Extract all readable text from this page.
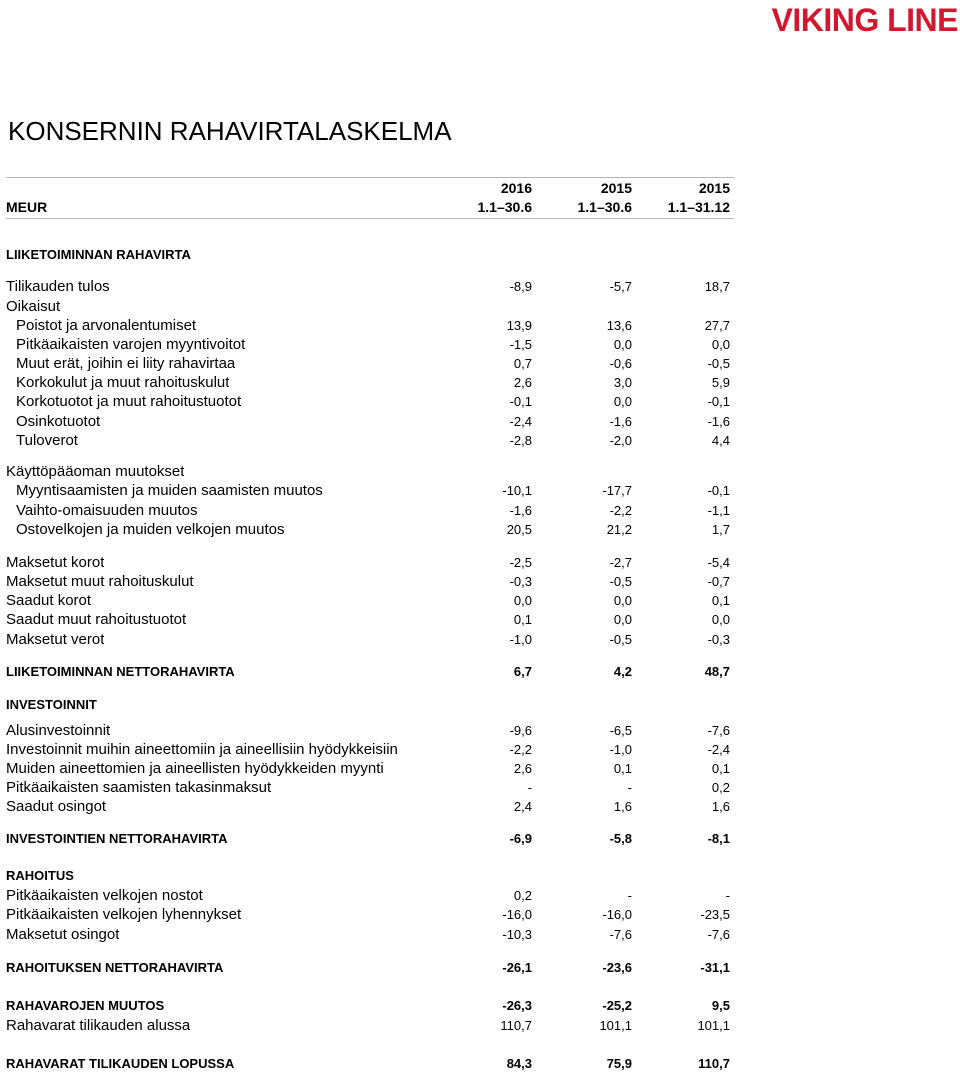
VIKING LINE
KONSERNIN RAHAVIRTALASKELMA
2016	2015	2015
MEUR	1.1–30.6	1.1–30.6	1.1–31.12
LIIKETOIMINNAN RAHAVIRTA
Tilikauden tulos	-8,9	-5,7	18,7
Oikaisut
Poistot ja arvonalentumiset	13,9	13,6	27,7
Pitkäaikaisten varojen myyntivoitot	-1,5	0,0	0,0
Muut erät, joihin ei liity rahavirtaa	0,7	-0,6	-0,5
Korkokulut ja muut rahoituskulut	2,6	3,0	5,9
Korkotuotot ja muut rahoitustuotot	-0,1	0,0	-0,1
Osinkotuotot	-2,4	-1,6	-1,6
Tuloverot	-2,8	-2,0	4,4
Käyttöpääoman muutokset
Myyntisaamisten ja muiden saamisten muutos	-10,1	-17,7	-0,1
Vaihto-omaisuuden muutos	-1,6	-2,2	-1,1
Ostovelkojen ja muiden velkojen muutos	20,5	21,2	1,7
Maksetut korot	-2,5	-2,7	-5,4
Maksetut muut rahoituskulut	-0,3	-0,5	-0,7
Saadut korot	0,0	0,0	0,1
Saadut muut rahoitustuotot	0,1	0,0	0,0
Maksetut verot	-1,0	-0,5	-0,3
LIIKETOIMINNAN NETTORAHAVIRTA	6,7	4,2	48,7
INVESTOINNIT
Alusinvestoinnit	-9,6	-6,5	-7,6
Investoinnit muihin aineettomiin ja aineellisiin hyödykkeisiin	-2,2	-1,0	-2,4
Muiden aineettomien ja aineellisten hyödykkeiden myynti	2,6	0,1	0,1
Pitkäaikaisten saamisten takasinmaksut	-	-	0,2
Saadut osingot	2,4	1,6	1,6
INVESTOINTIEN NETTORAHAVIRTA	-6,9	-5,8	-8,1
RAHOITUS
Pitkäaikaisten velkojen nostot	0,2	-	-
Pitkäaikaisten velkojen lyhennykset	-16,0	-16,0	-23,5
Maksetut osingot	-10,3	-7,6	-7,6
RAHOITUKSEN NETTORAHAVIRTA	-26,1	-23,6	-31,1
RAHAVAROJEN MUUTOS	-26,3	-25,2	9,5
Rahavarat tilikauden alussa	110,7	101,1	101,1
RAHAVARAT TILIKAUDEN LOPUSSA	84,3	75,9	110,7
